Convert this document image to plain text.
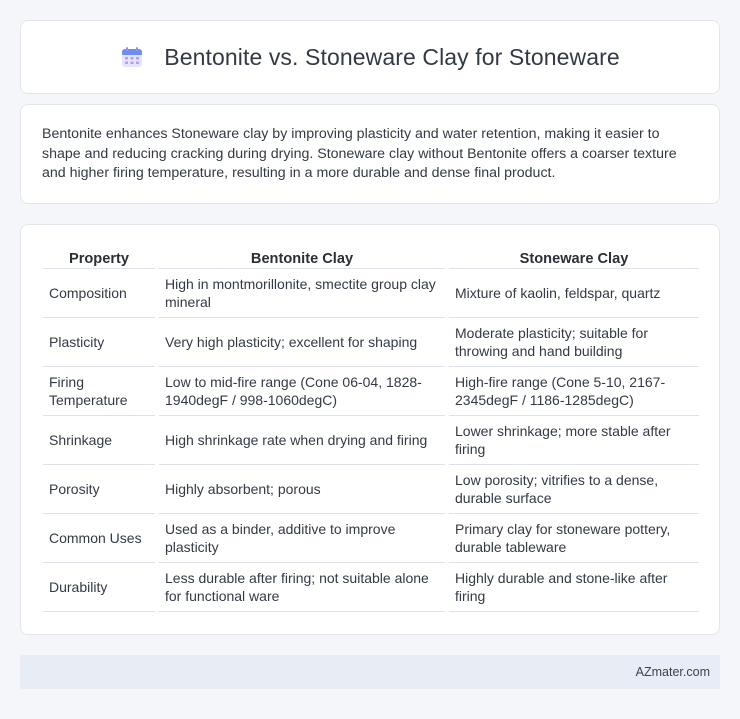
Bentonite vs. Stoneware Clay for Stoneware

Bentonite enhances Stoneware clay by improving plasticity and water retention, making it easier to shape and reducing cracking during drying. Stoneware clay without Bentonite offers a coarser texture and higher firing temperature, resulting in a more durable and dense final product.

Property		Bentonite Clay		Stoneware Clay
Composition		High in montmorillonite, smectite group clay mineral		Mixture of kaolin, feldspar, quartz
Plasticity		Very high plasticity; excellent for shaping		Moderate plasticity; suitable for throwing and hand building
Firing Temperature		Low to mid-fire range (Cone 06-04, 1828-1940degF / 998-1060degC)		High-fire range (Cone 5-10, 2167-2345degF / 1186-1285degC)
Shrinkage		High shrinkage rate when drying and firing		Lower shrinkage; more stable after firing
Porosity		Highly absorbent; porous		Low porosity; vitrifies to a dense, durable surface
Common Uses		Used as a binder, additive to improve plasticity		Primary clay for stoneware pottery, durable tableware
Durability		Less durable after firing; not suitable alone for functional ware		Highly durable and stone-like after firing
AZmater.com
